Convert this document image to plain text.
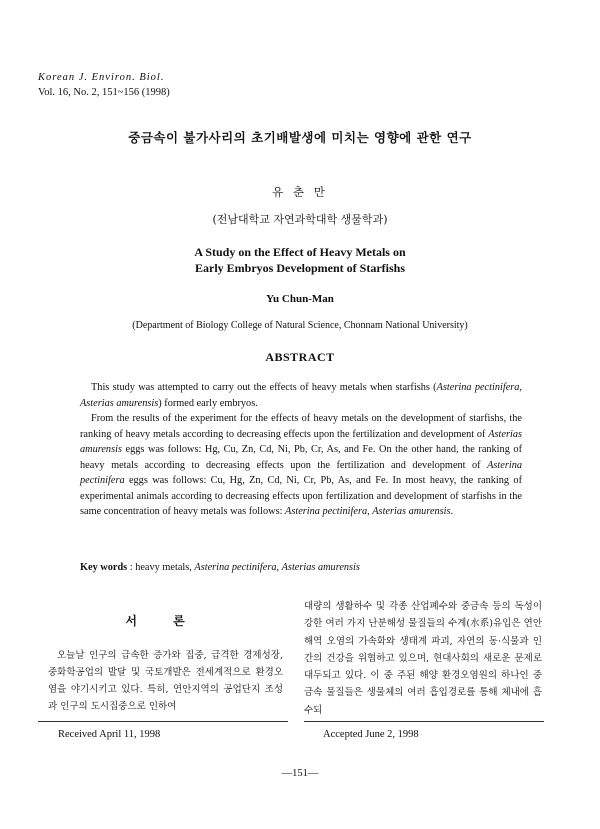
Korean J. Environ. Biol.
Vol. 16, No. 2, 151~156 (1998)
중금속이 불가사리의 초기배발생에 미치는 영향에 관한 연구
유 춘 만
(전남대학교 자연과학대학 생물학과)
A Study on the Effect of Heavy Metals on
Early Embryos Development of Starfishs
Yu Chun-Man
(Department of Biology College of Natural Science, Chonnam National University)
ABSTRACT

This study was attempted to carry out the effects of heavy metals when starfishs (Asterina pectinifera, Asterias amurensis) formed early embryos.

From the results of the experiment for the effects of heavy metals on the development of starfishs, the ranking of heavy metals according to decreasing effects upon the fertilization and development of Asterias amurensis eggs was follows: Hg, Cu, Zn, Cd, Ni, Pb, Cr, As, and Fe. On the other hand, the ranking of heavy metals according to decreasing effects upon the fertilization and development of Asterina pectinifera eggs was follows: Cu, Hg, Zn, Cd, Ni, Cr, Pb, As, and Fe. In most heavy, the ranking of experimental animals according to decreasing effects upon fertilization and development of starfishs in the same concentration of heavy metals was follows: Asterina pectinifera, Asterias amurensis.

Key words : heavy metals, Asterina pectinifera, Asterias amurensis
서 론

오늘날 인구의 급속한 증가와 집중, 급격한 경제성장, 중화학공업의 발달 및 국토개발은 전세계적으로 환경오염을 야기시키고 있다. 특히, 연안지역의 공업단지 조성과 인구의 도시집중으로 인하여

대량의 생활하수 및 각종 산업폐수와 중금속 등의 독성이 강한 여러 가지 난분해성 물질들의 수계(水系)유입은 연안해역 오염의 가속화와 생태계 파괴, 자연의 동·식물과 인간의 건강을 위협하고 있으며, 현대사회의 새로운 문제로 대두되고 있다. 이 중 주된 해양 환경오염원의 하나인 중금속 물질들은 생물체의 여러 흡입경로를 통해 체내에 흡수되

Received April 11, 1998	Accepted June 2, 1998
—151—
